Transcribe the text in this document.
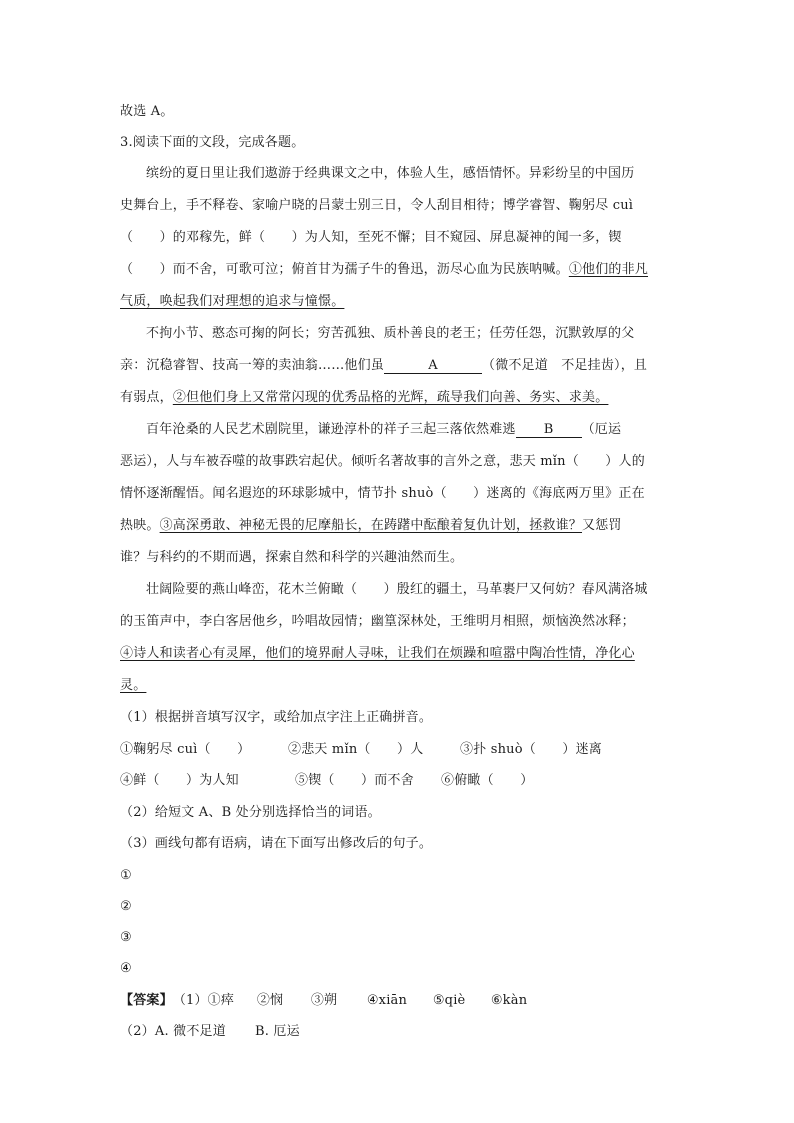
故选 A。
3.阅读下面的文段，完成各题。
缤纷的夏日里让我们遨游于经典课文之中，体验人生，感悟情怀。异彩纷呈的中国历
史舞台上，手不释卷、家喻户晓的吕蒙士别三日，令人刮目相待；博学睿智、鞠躬尽 cuì
（　　）的邓稼先，鲜（　　）为人知，至死不懈；目不窥园、屏息凝神的闻一多，锲
（　　）而不舍，可歌可泣；俯首甘为孺子牛的鲁迅，沥尽心血为民族呐喊。①他们的非凡
气质，唤起我们对理想的追求与憧憬。
不拘小节、憨态可掬的阿长；穷苦孤独、质朴善良的老王；任劳任怨，沉默敦厚的父
亲：沉稳睿智、技高一筹的卖油翁……他们虽	A	（微不足道　不足挂齿），且
有弱点，②但他们身上又常常闪现的优秀品格的光辉，疏导我们向善、务实、求美。
百年沧桑的人民艺术剧院里，谦逊淳朴的祥子三起三落依然难逃 B （厄运
恶运），人与车被吞噬的故事跌宕起伏。倾听名著故事的言外之意，悲天 mǐn（　　）人的
情怀逐渐醒悟。闻名遐迩的环球影城中，情节扑 shuò（　　）迷离的《海底两万里》正在
热映。③高深勇敢、神秘无畏的尼摩船长，在踌躇中酝酿着复仇计划，拯救谁？又惩罚
谁？与科约的不期而遇，探索自然和科学的兴趣油然而生。
壮阔险要的燕山峰峦，花木兰俯瞰（　　）殷红的疆土，马革裹尸又何妨？春风满洛城
的玉笛声中，李白客居他乡，吟唱故园情；幽篁深林处，王维明月相照，烦恼涣然冰释；
④诗人和读者心有灵犀，他们的境界耐人寻味，让我们在烦躁和喧嚣中陶冶性情，净化心
灵。
（1）根据拼音填写汉字，或给加点字注上正确拼音。
①鞠躬尽 cuì（　　）	②悲天 mǐn（　　）人	③扑 shuò（　　）迷离
④鲜（　　）为人知	⑤锲（　　）而不舍 ⑥俯瞰（　　）
（2）给短文 A、B 处分别选择恰当的词语。
（3）画线句都有语病，请在下面写出修改后的句子。
①
②
③
④
【答案】（1）①瘁 ②悯 ③朔 ④xiān ⑤qiè ⑥kàn
（2）A. 微不足道 B. 厄运
